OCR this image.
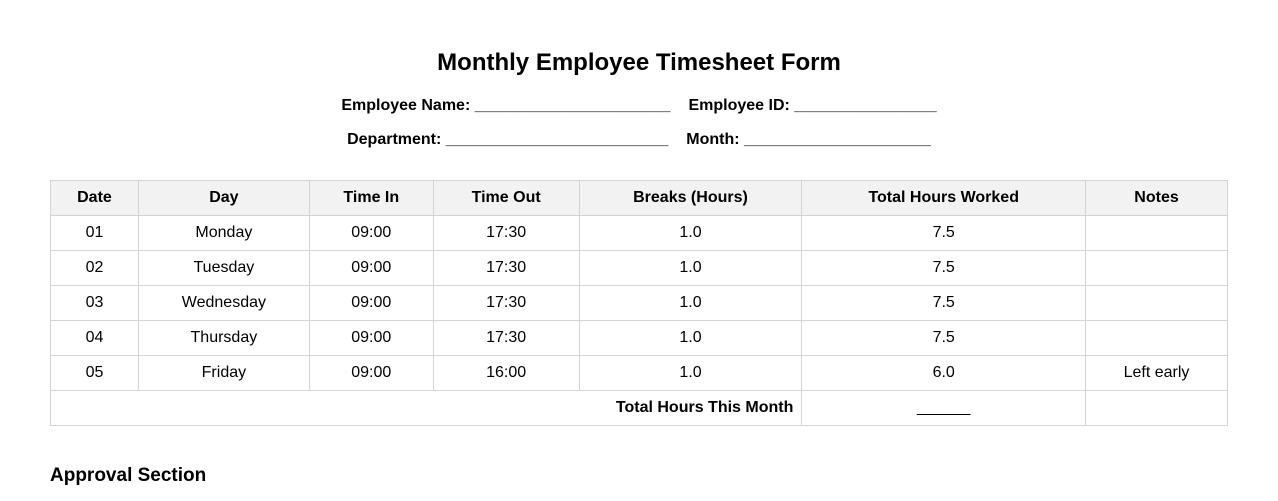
Monthly Employee Timesheet Form
Employee Name: ______________________ Employee ID: ________________
Department: _________________________ Month: _____________________
Date	Day	Time In	Time Out	Breaks (Hours)	Total Hours Worked	Notes
01	Monday	09:00	17:30	1.0	7.5	
02	Tuesday	09:00	17:30	1.0	7.5	
03	Wednesday	09:00	17:30	1.0	7.5	
04	Thursday	09:00	17:30	1.0	7.5	
05	Friday	09:00	16:00	1.0	6.0	Left early
Total Hours This Month					______	
Approval Section
